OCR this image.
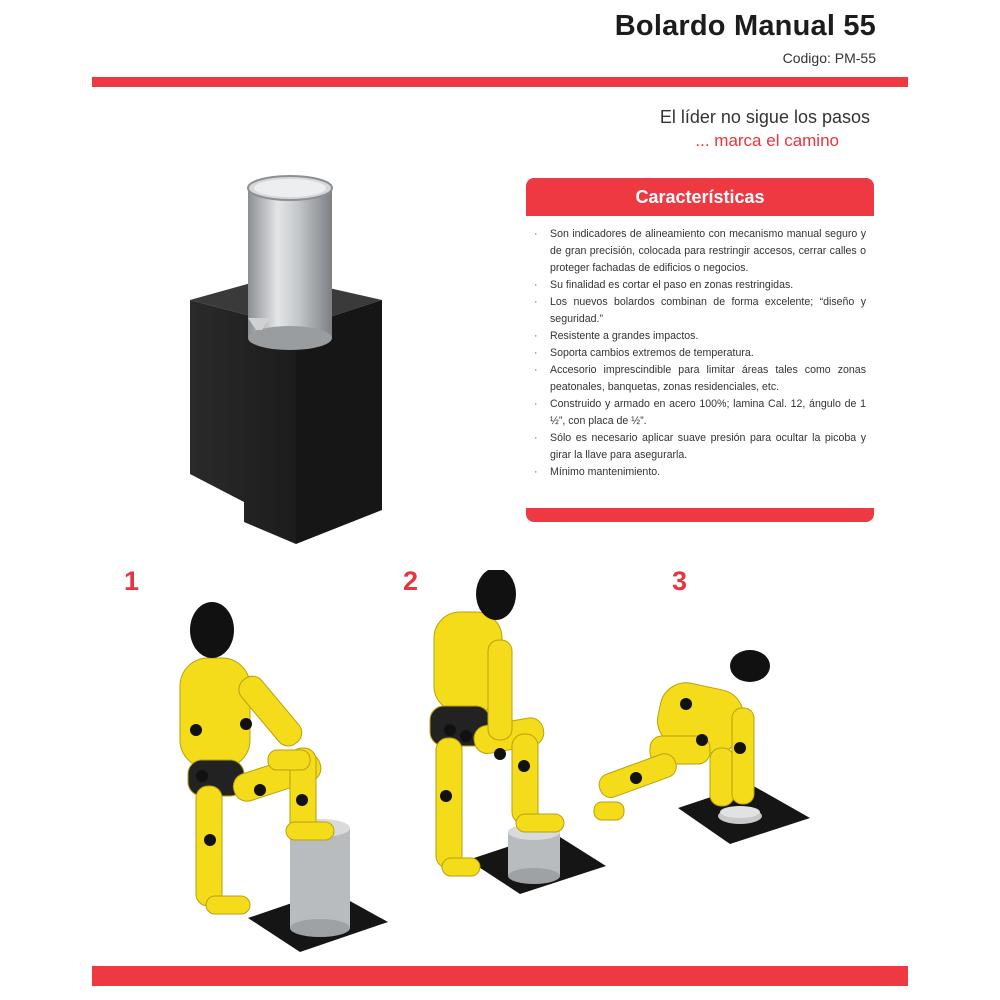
Bolardo Manual 55
Codigo: PM-55
El líder no sigue los pasos
... marca el camino
Características
· Son indicadores de alineamiento con mecanismo manual seguro y de gran precisión, colocada para restringir accesos, cerrar calles o proteger fachadas de edificios o negocios.
· Su finalidad es cortar el paso en zonas restringidas.
· Los nuevos bolardos combinan de forma excelente; “diseño y seguridad.”
· Resistente a grandes impactos.
· Soporta cambios extremos de temperatura.
· Accesorio imprescindible para limitar áreas tales como zonas peatonales, banquetas, zonas residenciales, etc.
· Construido y armado en acero 100%; lamina Cal. 12, ángulo de 1 ½”, con placa de ½”.
· Sólo es necesario aplicar suave presión para ocultar la picoba y girar la llave para asegurarla.
· Mínimo mantenimiento.
1	2	3
